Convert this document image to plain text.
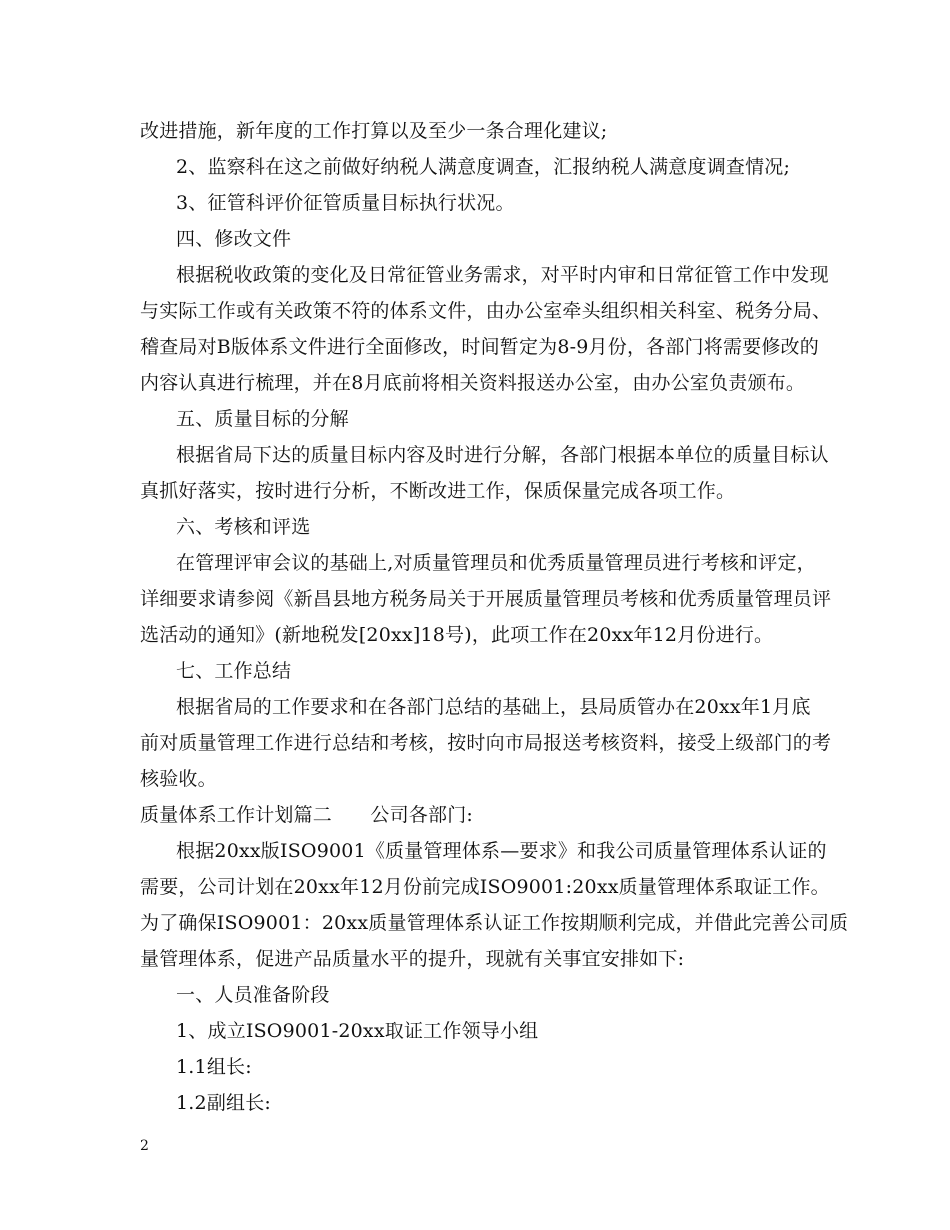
改进措施，新年度的工作打算以及至少一条合理化建议;
2、监察科在这之前做好纳税人满意度调查，汇报纳税人满意度调查情况;
3、征管科评价征管质量目标执行状况。
四、修改文件
根据税收政策的变化及日常征管业务需求，对平时内审和日常征管工作中发现
与实际工作或有关政策不符的体系文件，由办公室牵头组织相关科室、税务分局、
稽查局对B版体系文件进行全面修改，时间暂定为8-9月份，各部门将需要修改的
内容认真进行梳理，并在8月底前将相关资料报送办公室，由办公室负责颁布。
五、质量目标的分解
根据省局下达的质量目标内容及时进行分解，各部门根据本单位的质量目标认
真抓好落实，按时进行分析，不断改进工作，保质保量完成各项工作。
六、考核和评选
在管理评审会议的基础上,对质量管理员和优秀质量管理员进行考核和评定，
详细要求请参阅《新昌县地方税务局关于开展质量管理员考核和优秀质量管理员评
选活动的通知》(新地税发[20xx]18号)，此项工作在20xx年12月份进行。
七、工作总结
根据省局的工作要求和在各部门总结的基础上，县局质管办在20xx年1月底
前对质量管理工作进行总结和考核，按时向市局报送考核资料，接受上级部门的考
核验收。
质量体系工作计划篇二　　公司各部门:
根据20xx版ISO9001《质量管理体系—要求》和我公司质量管理体系认证的
需要，公司计划在20xx年12月份前完成ISO9001:20xx质量管理体系取证工作。
为了确保ISO9001：20xx质量管理体系认证工作按期顺利完成，并借此完善公司质
量管理体系，促进产品质量水平的提升，现就有关事宜安排如下:
一、人员准备阶段
1、成立ISO9001-20xx取证工作领导小组
1.1组长:
1.2副组长:
2
